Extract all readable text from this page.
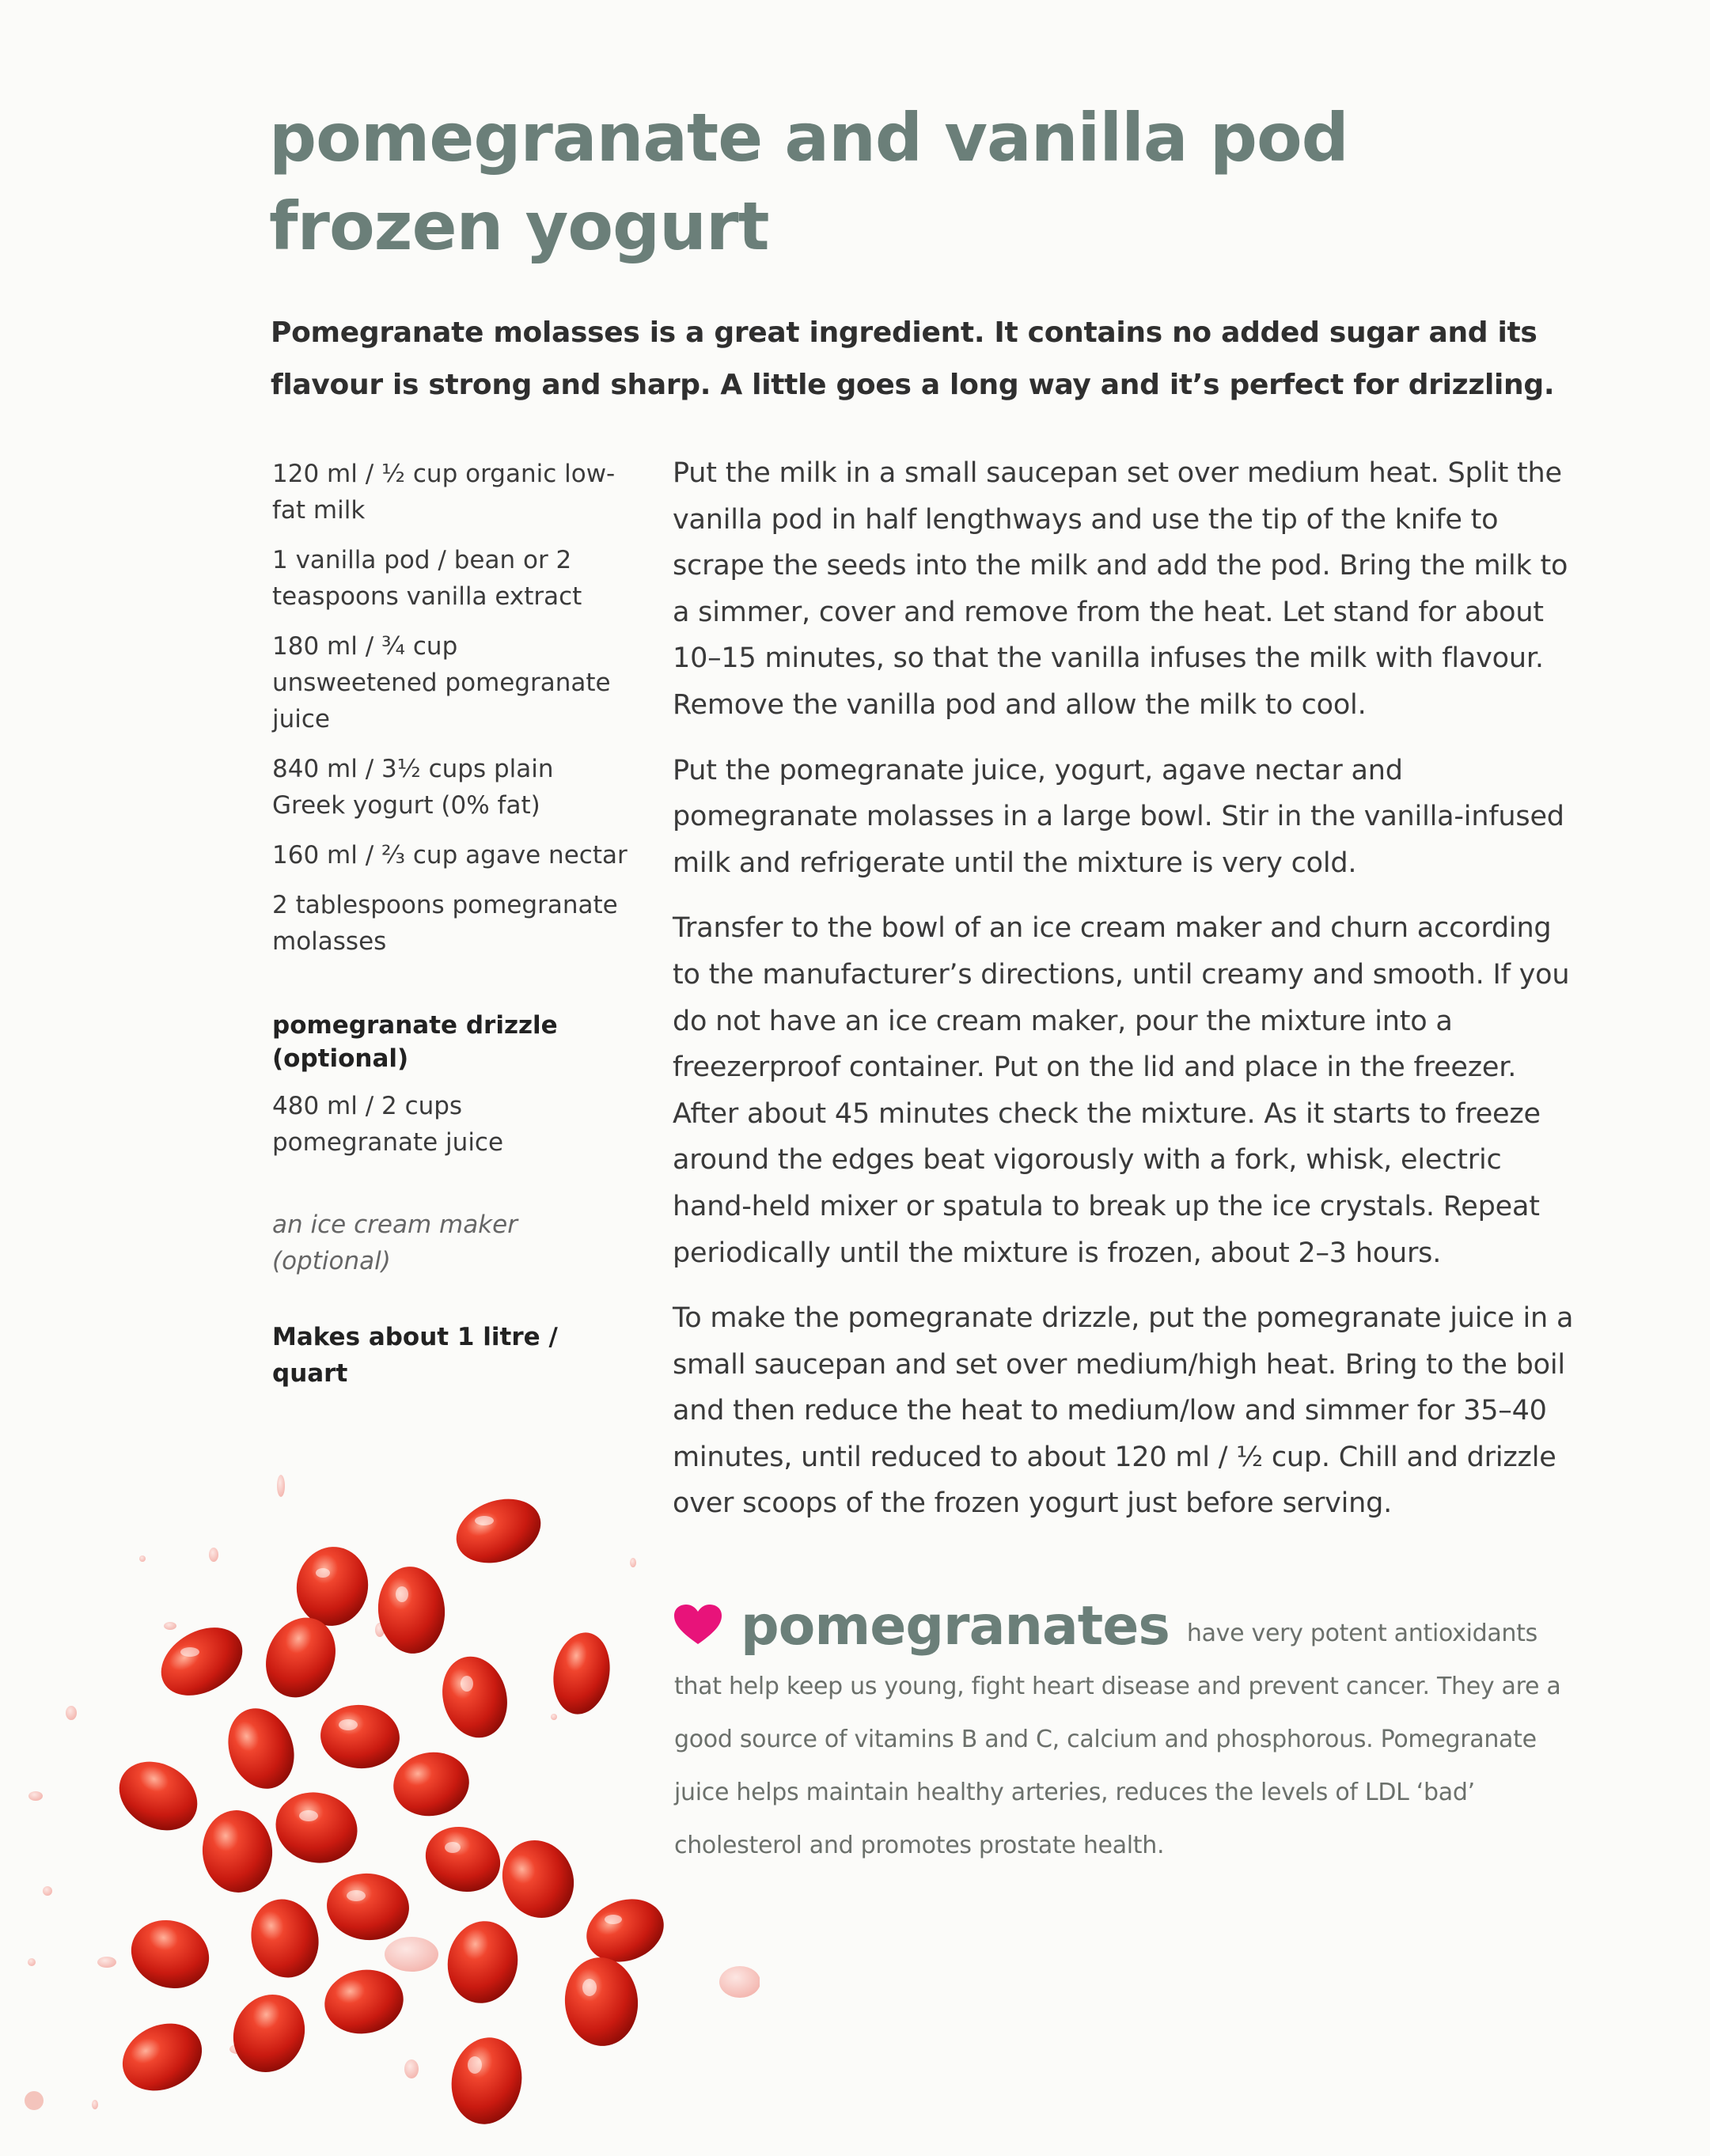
pomegranate and vanilla pod
frozen yogurt

Pomegranate molasses is a great ingredient. It contains no added sugar and its flavour is strong and sharp. A little goes a long way and it’s perfect for drizzling.

120 ml / ½ cup organic low-fat milk
1 vanilla pod / bean or 2 teaspoons vanilla extract
180 ml / ¾ cup unsweetened pomegranate juice
840 ml / 3½ cups plain Greek yogurt (0% fat)
160 ml / ⅔ cup agave nectar
2 tablespoons pomegranate molasses
pomegranate drizzle (optional)
480 ml / 2 cups pomegranate juice
an ice cream maker (optional)
Makes about 1 litre / quart

Put the milk in a small saucepan set over medium heat. Split the vanilla pod in half lengthways and use the tip of the knife to scrape the seeds into the milk and add the pod. Bring the milk to a simmer, cover and remove from the heat. Let stand for about 10–15 minutes, so that the vanilla infuses the milk with flavour. Remove the vanilla pod and allow the milk to cool.

Put the pomegranate juice, yogurt, agave nectar and pomegranate molasses in a large bowl. Stir in the vanilla-infused milk and refrigerate until the mixture is very cold.

Transfer to the bowl of an ice cream maker and churn according to the manufacturer’s directions, until creamy and smooth. If you do not have an ice cream maker, pour the mixture into a freezerproof container. Put on the lid and place in the freezer. After about 45 minutes check the mixture. As it starts to freeze around the edges beat vigorously with a fork, whisk, electric hand-held mixer or spatula to break up the ice crystals. Repeat periodically until the mixture is frozen, about 2–3 hours.

To make the pomegranate drizzle, put the pomegranate juice in a small saucepan and set over medium/high heat. Bring to the boil and then reduce the heat to medium/low and simmer for 35–40 minutes, until reduced to about 120 ml / ½ cup. Chill and drizzle over scoops of the frozen yogurt just before serving.

pomegranates have very potent antioxidants that help keep us young, fight heart disease and prevent cancer. They are a good source of vitamins B and C, calcium and phosphorous. Pomegranate juice helps maintain healthy arteries, reduces the levels of LDL ‘bad’ cholesterol and promotes prostate health.
